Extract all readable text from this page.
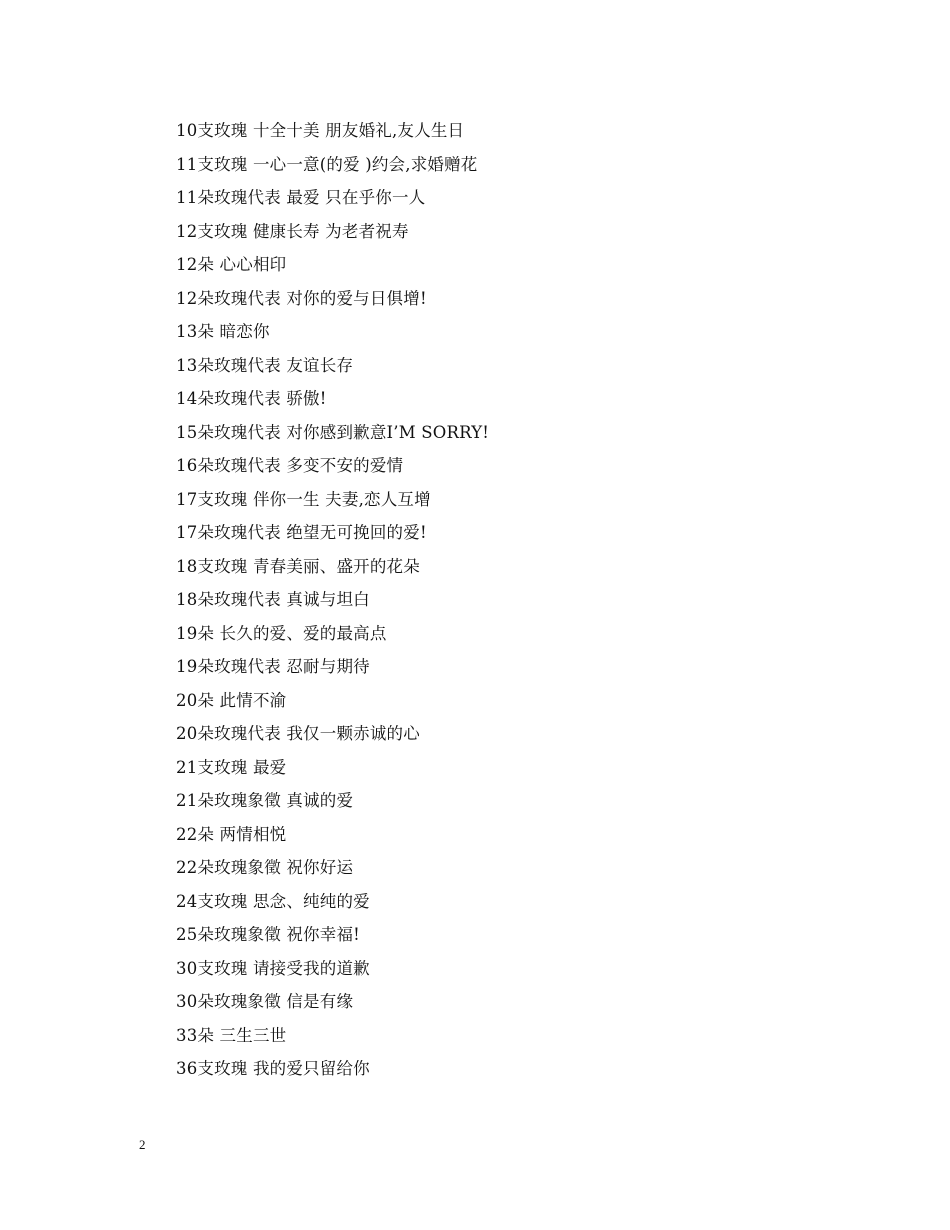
10支玫瑰 十全十美 朋友婚礼,友人生日
11支玫瑰 一心一意(的爱 )约会,求婚赠花
11朵玫瑰代表 最爱 只在乎你一人
12支玫瑰 健康长寿 为老者祝寿
12朵 心心相印
12朵玫瑰代表 对你的爱与日俱增!
13朵 暗恋你
13朵玫瑰代表 友谊长存
14朵玫瑰代表 骄傲!
15朵玫瑰代表 对你感到歉意I’M SORRY!
16朵玫瑰代表 多变不安的爱情
17支玫瑰 伴你一生 夫妻,恋人互增
17朵玫瑰代表 绝望无可挽回的爱!
18支玫瑰 青春美丽、盛开的花朵
18朵玫瑰代表 真诚与坦白
19朵 长久的爱、爱的最高点
19朵玫瑰代表 忍耐与期待
20朵 此情不渝
20朵玫瑰代表 我仅一颗赤诚的心
21支玫瑰 最爱
21朵玫瑰象徵 真诚的爱
22朵 两情相悦
22朵玫瑰象徵 祝你好运
24支玫瑰 思念、纯纯的爱
25朵玫瑰象徵 祝你幸福!
30支玫瑰 请接受我的道歉
30朵玫瑰象徵 信是有缘
33朵 三生三世
36支玫瑰 我的爱只留给你
2
